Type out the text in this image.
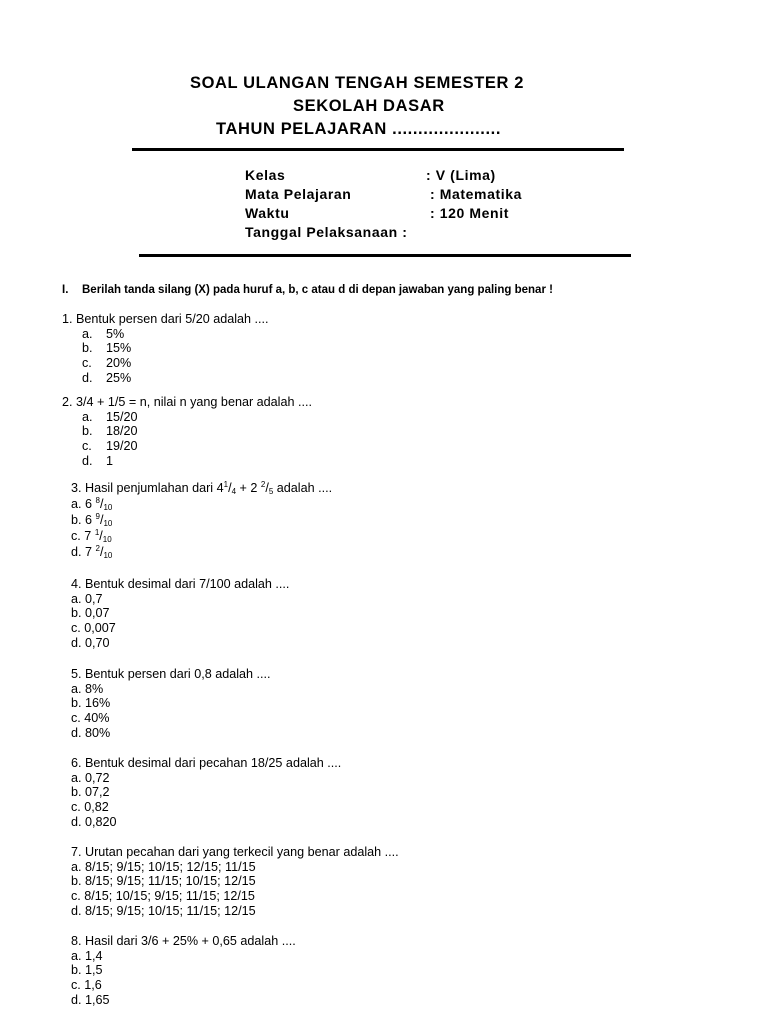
SOAL ULANGAN TENGAH SEMESTER 2
SEKOLAH DASAR
TAHUN PELAJARAN .....................
Kelas	: V (Lima)
Mata Pelajaran	: Matematika
Waktu	: 120 Menit
Tanggal Pelaksanaan :
I. Berilah tanda silang (X) pada huruf a, b, c atau d di depan jawaban yang paling benar !
1. Bentuk persen dari 5/20 adalah ....
a. 5%
b. 15%
c. 20%
d. 25%
2. 3/4 + 1/5 = n, nilai n yang benar adalah ....
a. 15/20
b. 18/20
c. 19/20
d. 1
3. Hasil penjumlahan dari $4^1/_4 + 2$ $^2/_5$ adalah ....
a. 6 $^8/_{10}$
b. 6 $^9/_{10}$
c. 7 $^1/_{10}$
d. 7 $^2/_{10}$
4. Bentuk desimal dari 7/100 adalah ....
a. 0,7
b. 0,07
c. 0,007
d. 0,70
5. Bentuk persen dari 0,8 adalah ....
a. 8%
b. 16%
c. 40%
d. 80%
6. Bentuk desimal dari pecahan 18/25 adalah ....
a. 0,72
b. 07,2
c. 0,82
d. 0,820
7. Urutan pecahan dari yang terkecil yang benar adalah ....
a. 8/15; 9/15; 10/15; 12/15; 11/15
b. 8/15; 9/15; 11/15; 10/15; 12/15
c. 8/15; 10/15; 9/15; 11/15; 12/15
d. 8/15; 9/15; 10/15; 11/15; 12/15
8. Hasil dari 3/6 + 25% + 0,65 adalah ....
a. 1,4
b. 1,5
c. 1,6
d. 1,65
